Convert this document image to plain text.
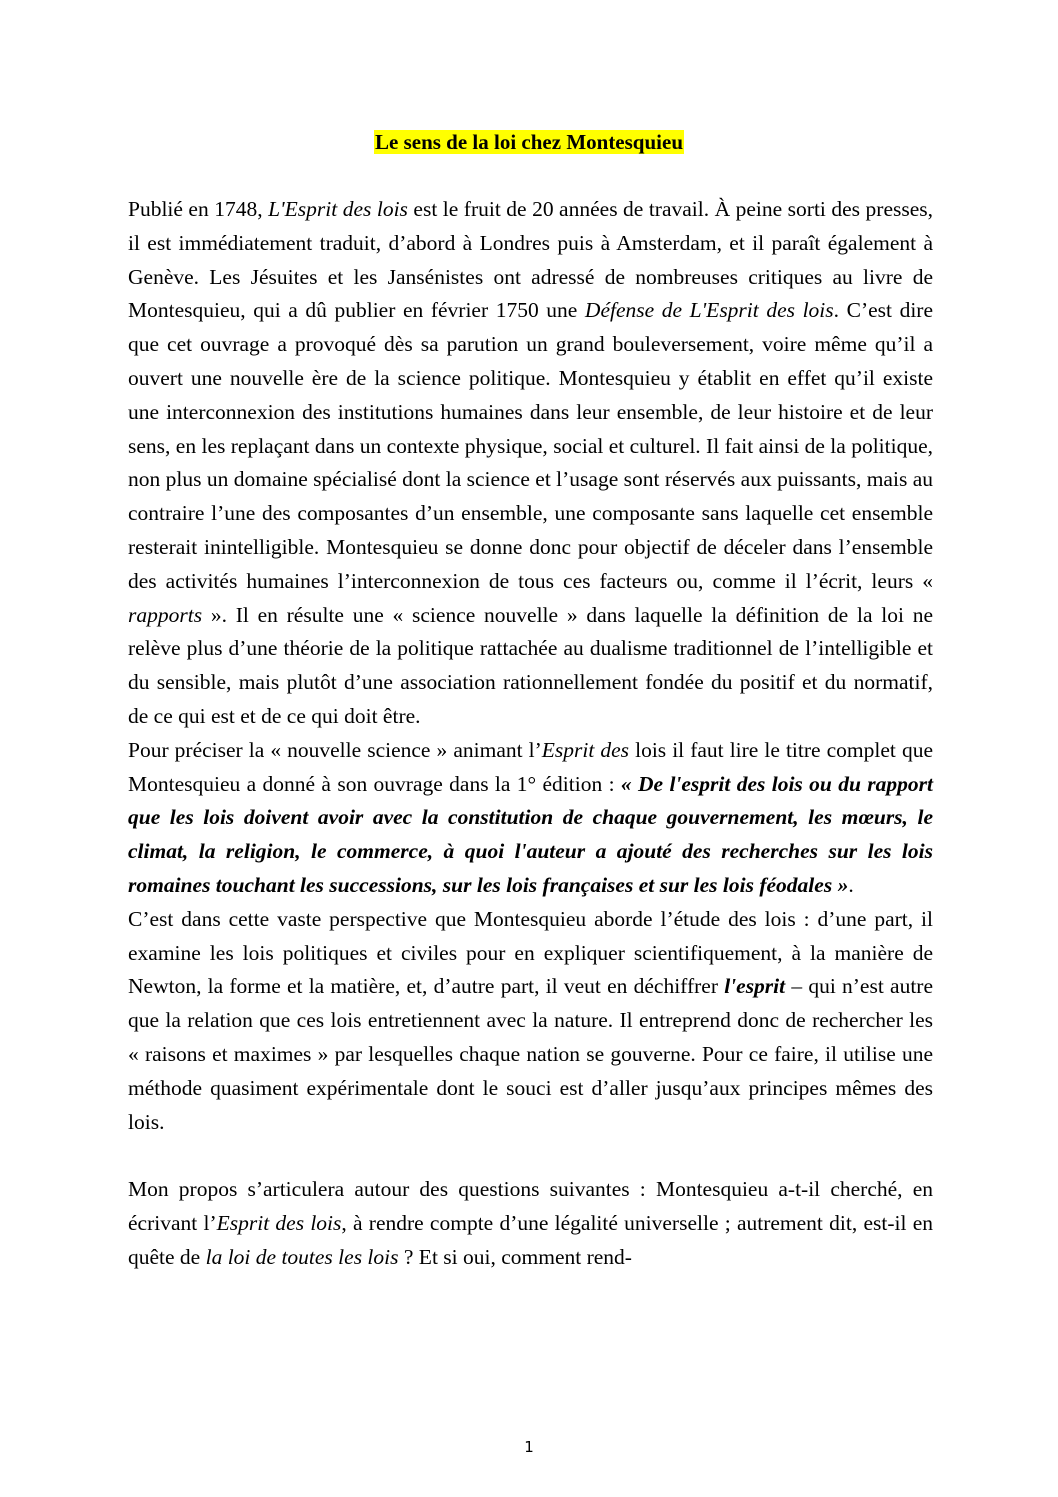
Le sens de la loi chez Montesquieu

Publié en 1748, L'Esprit des lois est le fruit de 20 années de travail. À peine sorti des presses, il est immédiatement traduit, d’abord à Londres puis à Amsterdam, et il paraît également à Genève. Les Jésuites et les Jansénistes ont adressé de nombreuses critiques au livre de Montesquieu, qui a dû publier en février 1750 une Défense de L'Esprit des lois. C’est dire que cet ouvrage a provoqué dès sa parution un grand bouleversement, voire même qu’il a ouvert une nouvelle ère de la science politique. Montesquieu y établit en effet qu’il existe une interconnexion des institutions humaines dans leur ensemble, de leur histoire et de leur sens, en les replaçant dans un contexte physique, social et culturel. Il fait ainsi de la politique, non plus un domaine spécialisé dont la science et l’usage sont réservés aux puissants, mais au contraire l’une des composantes d’un ensemble, une composante sans laquelle cet ensemble resterait inintelligible. Montesquieu se donne donc pour objectif de déceler dans l’ensemble des activités humaines l’interconnexion de tous ces facteurs ou, comme il l’écrit, leurs « rapports ». Il en résulte une « science nouvelle » dans laquelle la définition de la loi ne relève plus d’une théorie de la politique rattachée au dualisme traditionnel de l’intelligible et du sensible, mais plutôt d’une association rationnellement fondée du positif et du normatif, de ce qui est et de ce qui doit être.

Pour préciser la « nouvelle science » animant l’Esprit des lois il faut lire le titre complet que Montesquieu a donné à son ouvrage dans la 1° édition : « De l'esprit des lois ou du rapport que les lois doivent avoir avec la constitution de chaque gouvernement, les mœurs, le climat, la religion, le commerce, à quoi l'auteur a ajouté des recherches sur les lois romaines touchant les successions, sur les lois françaises et sur les lois féodales ».

C’est dans cette vaste perspective que Montesquieu aborde l’étude des lois : d’une part, il examine les lois politiques et civiles pour en expliquer scientifiquement, à la manière de Newton, la forme et la matière, et, d’autre part, il veut en déchiffrer l'esprit – qui n’est autre que la relation que ces lois entretiennent avec la nature. Il entreprend donc de rechercher les « raisons et maximes » par lesquelles chaque nation se gouverne. Pour ce faire, il utilise une méthode quasiment expérimentale dont le souci est d’aller jusqu’aux principes mêmes des lois.

Mon propos s’articulera autour des questions suivantes : Montesquieu a-t-il cherché, en écrivant l’Esprit des lois, à rendre compte d’une légalité universelle ; autrement dit, est-il en quête de la loi de toutes les lois ? Et si oui, comment rend-

1
